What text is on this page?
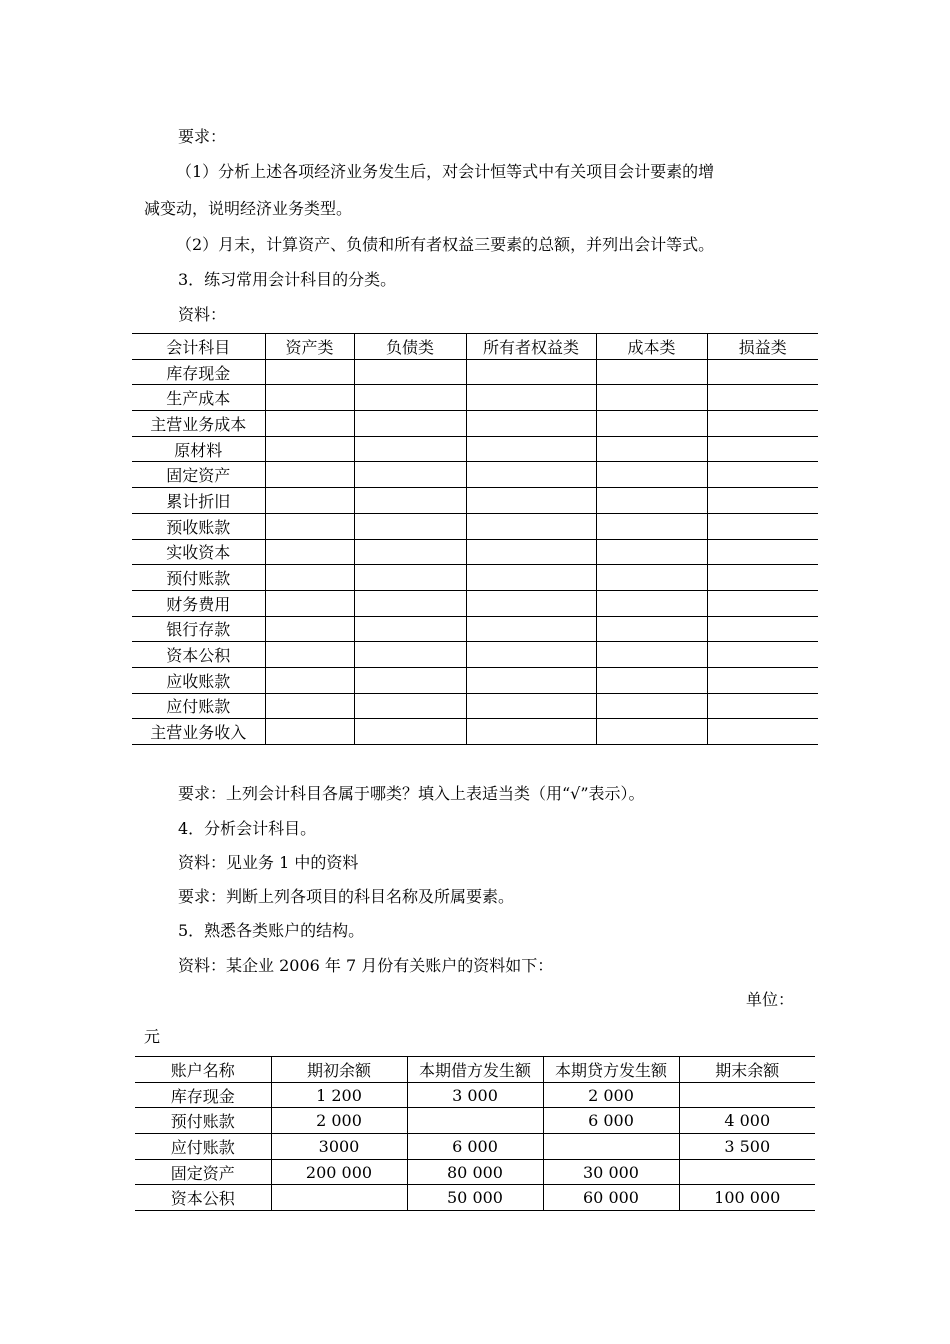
要求：
（1）分析上述各项经济业务发生后，对会计恒等式中有关项目会计要素的增
减变动，说明经济业务类型。
（2）月末，计算资产、负债和所有者权益三要素的总额，并列出会计等式。
3．练习常用会计科目的分类。
资料：
会计科目	资产类	负债类	所有者权益类	成本类	损益类
库存现金					
生产成本					
主营业务成本					
原材料					
固定资产					
累计折旧					
预收账款					
实收资本					
预付账款					
财务费用					
银行存款					
资本公积					
应收账款					
应付账款					
主营业务收入					
要求：上列会计科目各属于哪类？填入上表适当类（用“√”表示）。
4．分析会计科目。
资料：见业务 1 中的资料
要求：判断上列各项目的科目名称及所属要素。
5．熟悉各类账户的结构。
资料：某企业 2006 年 7 月份有关账户的资料如下：
单位：
元
账户名称	期初余额	本期借方发生额	本期贷方发生额	期末余额
库存现金	1 200	3 000	2 000	
预付账款	2 000		6 000	4 000
应付账款	3000	6 000		3 500
固定资产	200 000	80 000	30 000	
资本公积		50 000	60 000	100 000
